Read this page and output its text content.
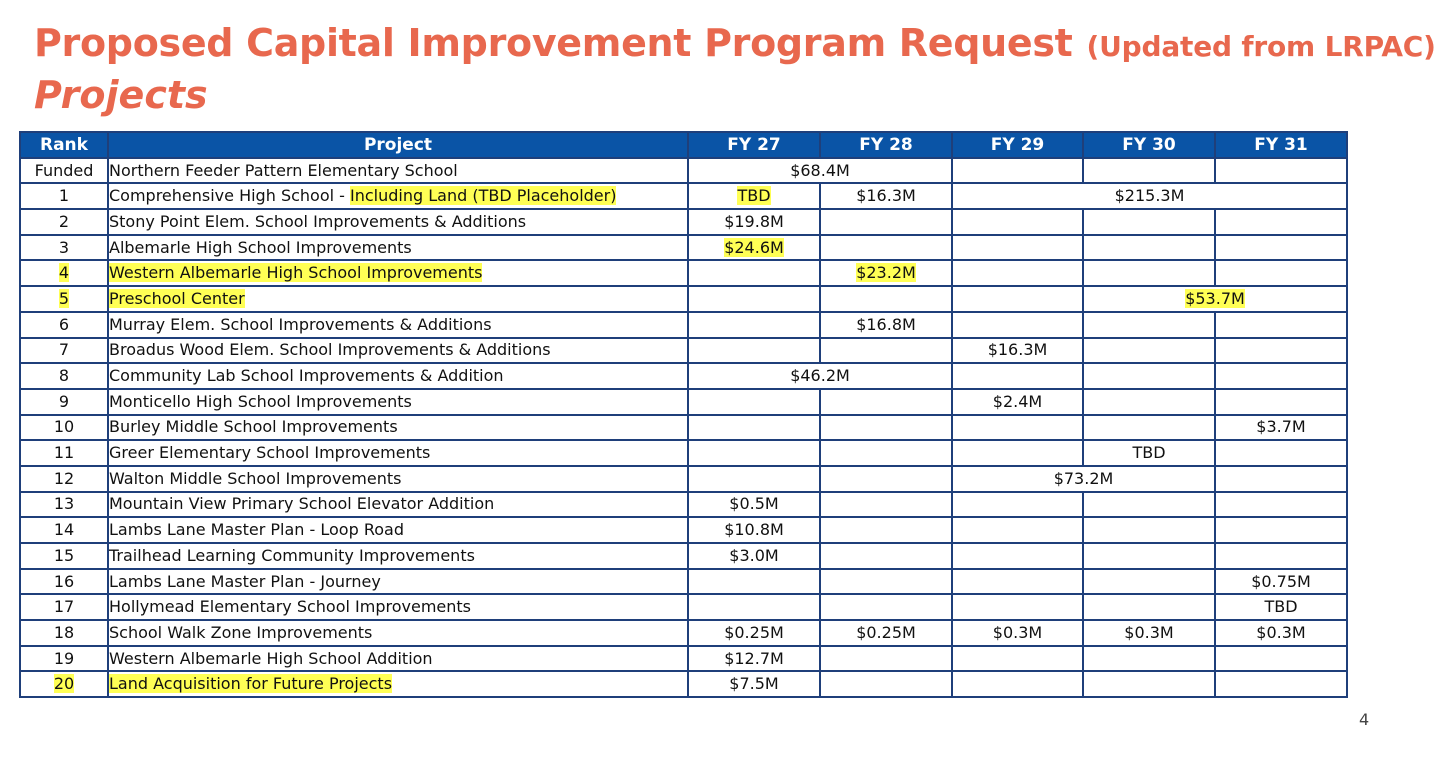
Proposed Capital Improvement Program Request (Updated from LRPAC)
Projects
Rank	Project	FY 27	FY 28	FY 29	FY 30	FY 31
Funded	Northern Feeder Pattern Elementary School	$68.4M				
1	Comprehensive High School - Including Land (TBD Placeholder)	TBD	$16.3M	$215.3M		
2	Stony Point Elem. School Improvements & Additions	$19.8M				
3	Albemarle High School Improvements	$24.6M				
4	Western Albemarle High School Improvements		$23.2M			
5	Preschool Center				$53.7M	
6	Murray Elem. School Improvements & Additions		$16.8M			
7	Broadus Wood Elem. School Improvements & Additions			$16.3M		
8	Community Lab School Improvements & Addition	$46.2M				
9	Monticello High School Improvements			$2.4M		
10	Burley Middle School Improvements					$3.7M
11	Greer Elementary School Improvements				TBD	
12	Walton Middle School Improvements			$73.2M		
13	Mountain View Primary School Elevator Addition	$0.5M				
14	Lambs Lane Master Plan - Loop Road	$10.8M				
15	Trailhead Learning Community Improvements	$3.0M				
16	Lambs Lane Master Plan - Journey					$0.75M
17	Hollymead Elementary School Improvements					TBD
18	School Walk Zone Improvements	$0.25M	$0.25M	$0.3M	$0.3M	$0.3M
19	Western Albemarle High School Addition	$12.7M				
20	Land Acquisition for Future Projects	$7.5M				
4
